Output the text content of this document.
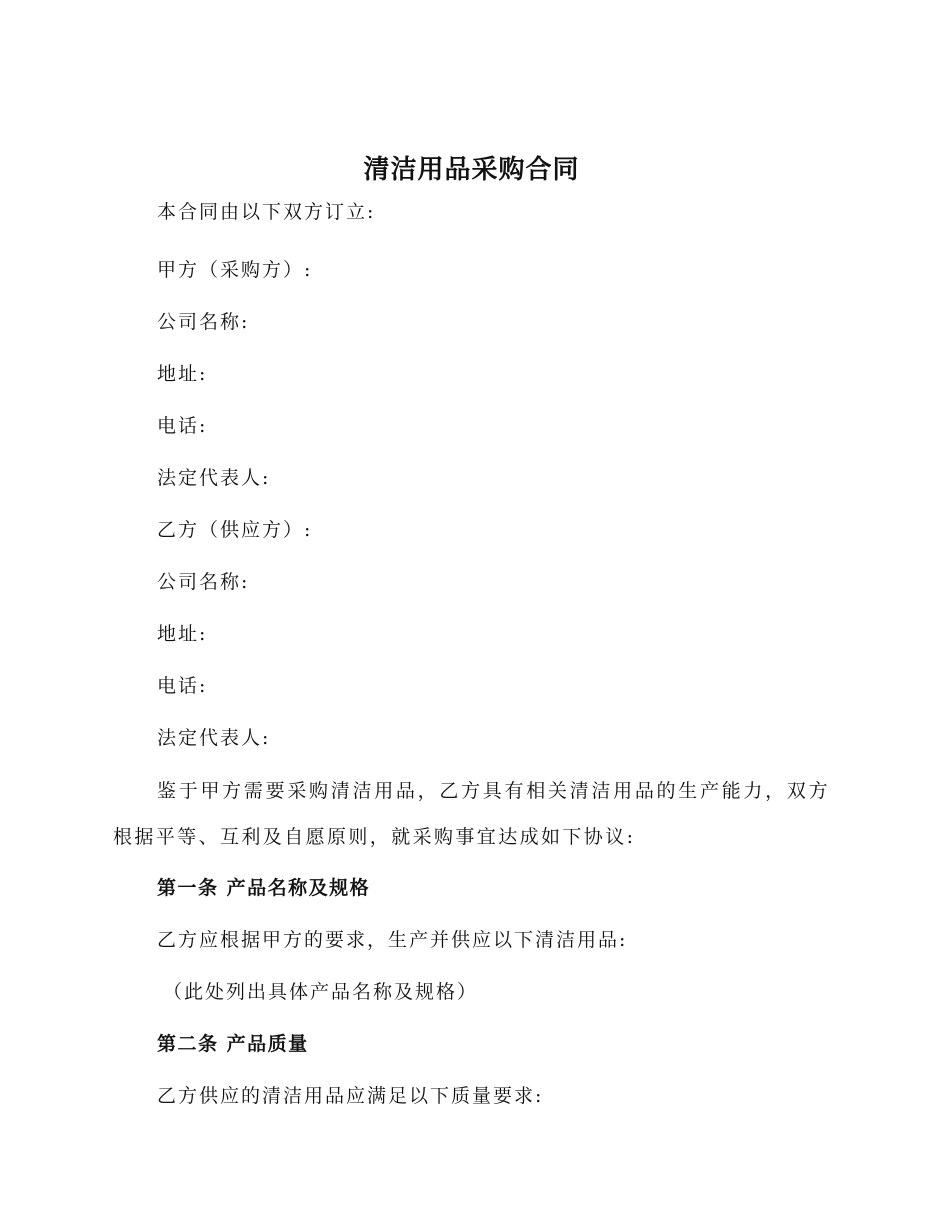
清洁用品采购合同

本合同由以下双方订立:

甲方（采购方）:

公司名称:

地址:

电话:

法定代表人:

乙方（供应方）:

公司名称:

地址:

电话:

法定代表人:

鉴于甲方需要采购清洁用品，乙方具有相关清洁用品的生产能力，双方根据平等、互利及自愿原则，就采购事宜达成如下协议:

第一条 产品名称及规格

乙方应根据甲方的要求，生产并供应以下清洁用品:

（此处列出具体产品名称及规格）

第二条 产品质量

乙方供应的清洁用品应满足以下质量要求:
